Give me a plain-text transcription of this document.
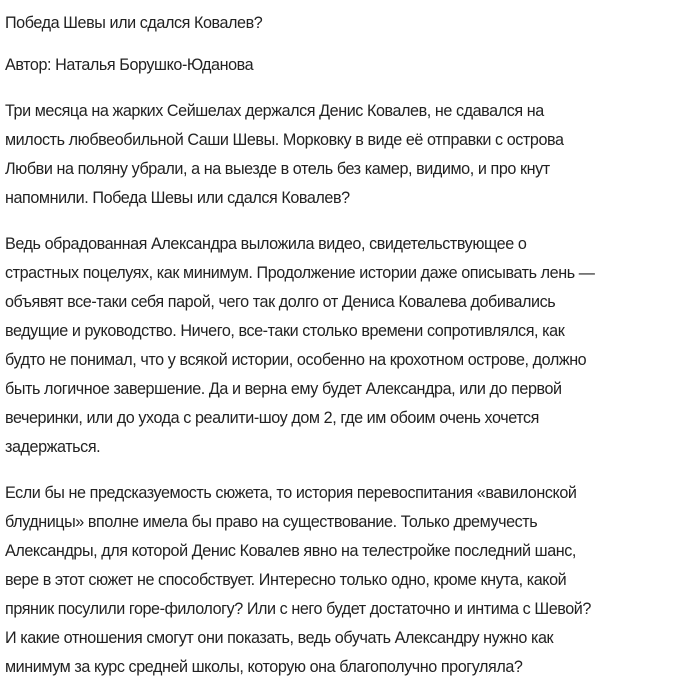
Победа Шевы или сдался Ковалев?
Автор: Наталья Борушко-Юданова
Три месяца на жарких Сейшелах держался Денис Ковалев, не сдавался на
милость любвеобильной Саши Шевы. Морковку в виде её отправки с острова
Любви на поляну убрали, а на выезде в отель без камер, видимо, и про кнут
напомнили. Победа Шевы или сдался Ковалев?
Ведь обрадованная Александра выложила видео, свидетельствующее о
страстных поцелуях, как минимум. Продолжение истории даже описывать лень —
объявят все-таки себя парой, чего так долго от Дениса Ковалева добивались
ведущие и руководство. Ничего, все-таки столько времени сопротивлялся, как
будто не понимал, что у всякой истории, особенно на крохотном острове, должно
быть логичное завершение. Да и верна ему будет Александра, или до первой
вечеринки, или до ухода с реалити-шоу дом 2, где им обоим очень хочется
задержаться.
Если бы не предсказуемость сюжета, то история перевоспитания «вавилонской
блудницы» вполне имела бы право на существование. Только дремучесть
Александры, для которой Денис Ковалев явно на телестройке последний шанс,
вере в этот сюжет не способствует. Интересно только одно, кроме кнута, какой
пряник посулили горе-филологу? Или с него будет достаточно и интима с Шевой?
И какие отношения смогут они показать, ведь обучать Александру нужно как
минимум за курс средней школы, которую она благополучно прогуляла?
